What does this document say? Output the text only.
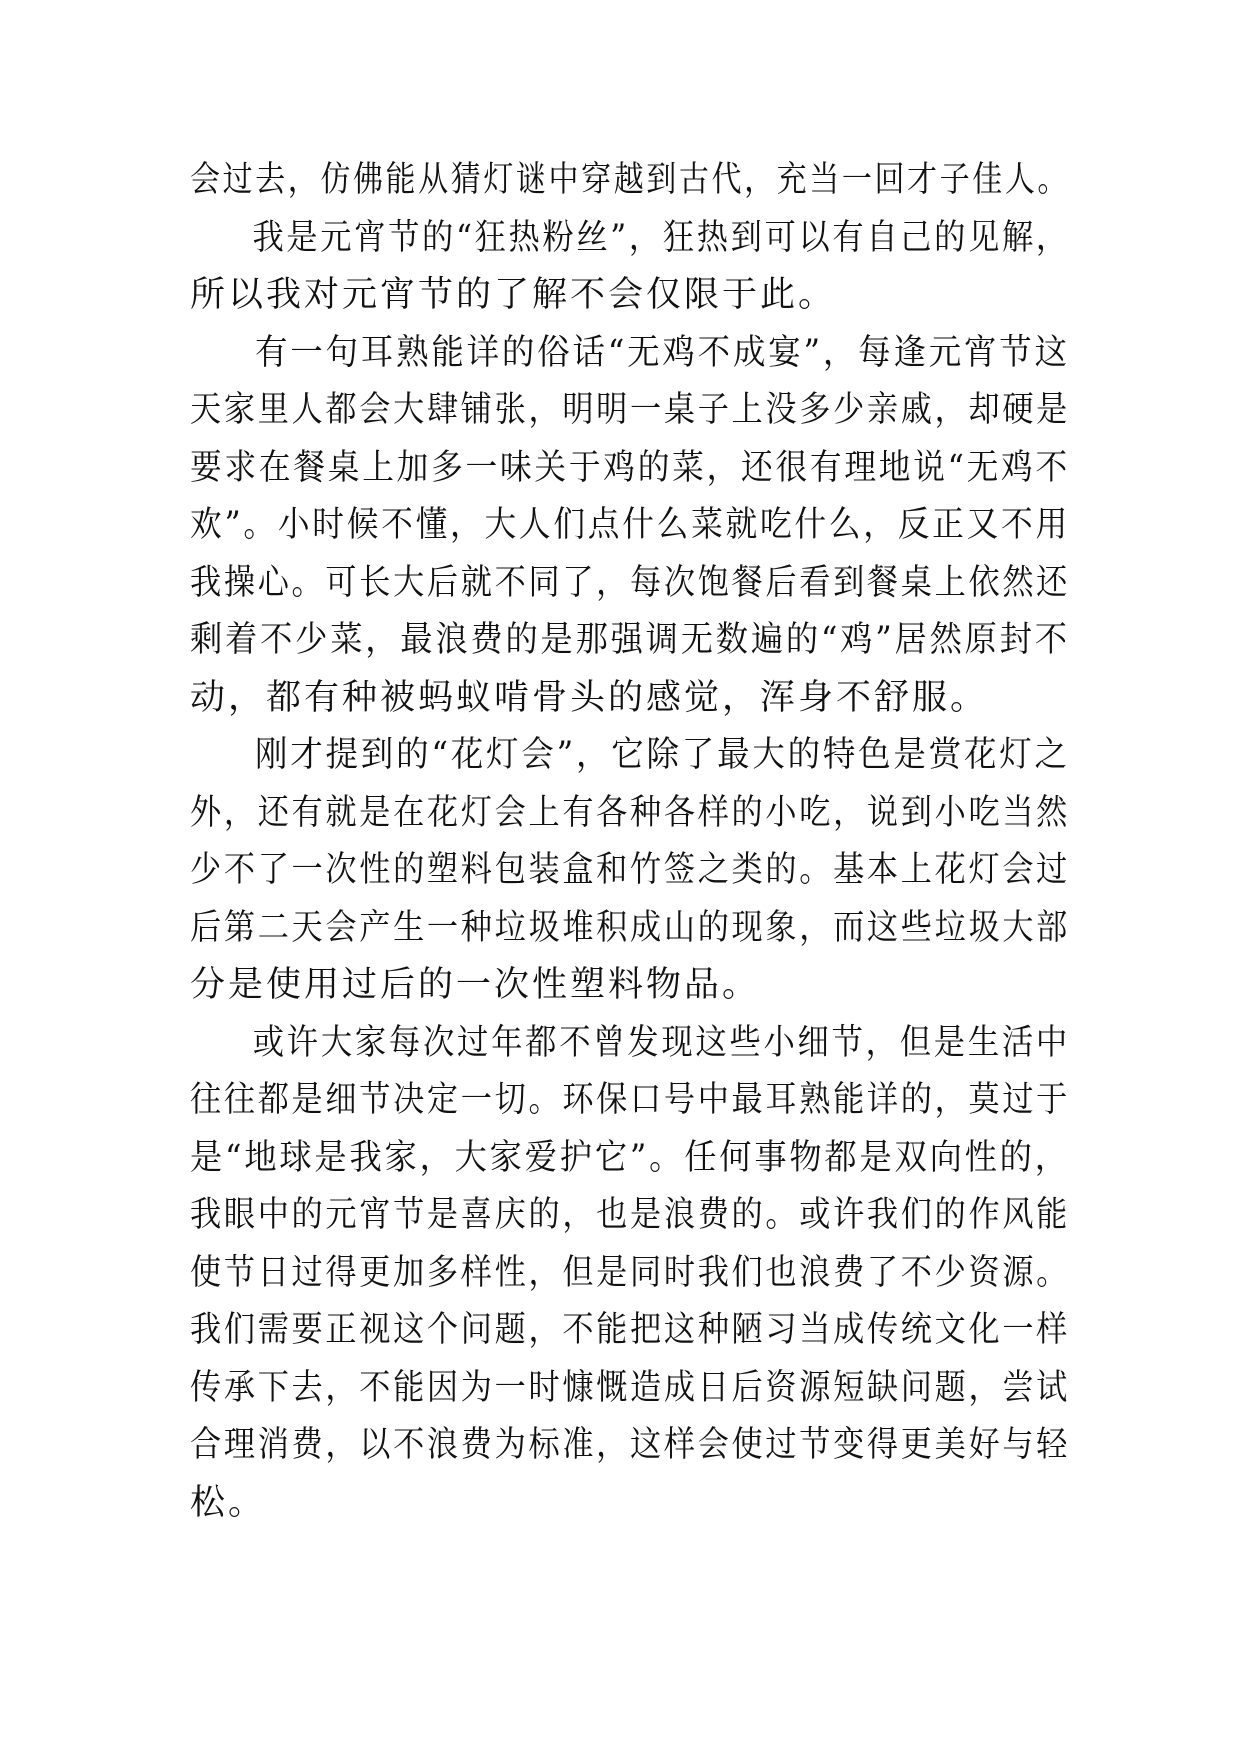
会过去，仿佛能从猜灯谜中穿越到古代，充当一回才子佳人。
我是元宵节的“狂热粉丝”，狂热到可以有自己的见解，
所以我对元宵节的了解不会仅限于此。
有一句耳熟能详的俗话“无鸡不成宴”，每逢元宵节这
天家里人都会大肆铺张，明明一桌子上没多少亲戚，却硬是
要求在餐桌上加多一味关于鸡的菜，还很有理地说“无鸡不
欢”。小时候不懂，大人们点什么菜就吃什么，反正又不用
我操心。可长大后就不同了，每次饱餐后看到餐桌上依然还
剩着不少菜，最浪费的是那强调无数遍的“鸡”居然原封不
动，都有种被蚂蚁啃骨头的感觉，浑身不舒服。
刚才提到的“花灯会”，它除了最大的特色是赏花灯之
外，还有就是在花灯会上有各种各样的小吃，说到小吃当然
少不了一次性的塑料包装盒和竹签之类的。基本上花灯会过
后第二天会产生一种垃圾堆积成山的现象，而这些垃圾大部
分是使用过后的一次性塑料物品。
或许大家每次过年都不曾发现这些小细节，但是生活中
往往都是细节决定一切。环保口号中最耳熟能详的，莫过于
是“地球是我家，大家爱护它”。任何事物都是双向性的，
我眼中的元宵节是喜庆的，也是浪费的。或许我们的作风能
使节日过得更加多样性，但是同时我们也浪费了不少资源。
我们需要正视这个问题，不能把这种陋习当成传统文化一样
传承下去，不能因为一时慷慨造成日后资源短缺问题，尝试
合理消费，以不浪费为标准，这样会使过节变得更美好与轻
松。
